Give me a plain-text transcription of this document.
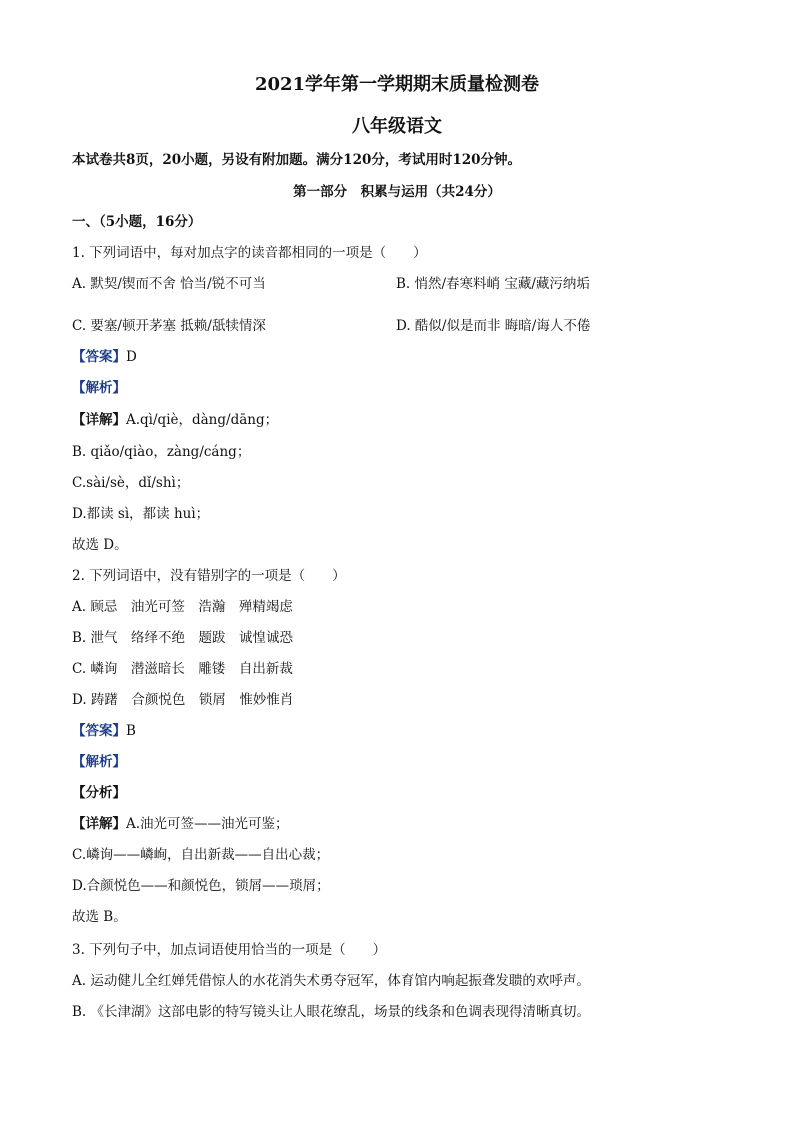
2021学年第一学期期末质量检测卷
八年级语文
本试卷共8页，20小题，另设有附加题。满分120分，考试用时120分钟。
第一部分　积累与运用（共24分）
一、（5小题，16分）
1. 下列词语中，每对加点字的读音都相同的一项是（　　）
A. 默契/锲而不舍 恰当/锐不可当	B. 悄然/春寒料峭 宝藏/藏污纳垢
C. 要塞/顿开茅塞 抵赖/舐犊情深	D. 酷似/似是而非 晦暗/诲人不倦
【答案】D
【解析】
【详解】A.qì/qiè，dàng/dāng；
B. qiǎo/qiào，zàng/cáng；
C.sài/sè，dǐ/shì；
D.都读 sì，都读 huì；
故选 D。
2. 下列词语中，没有错别字的一项是（　　）
A. 顾忌　油光可签　浩瀚　殚精竭虑
B. 泄气　络绎不绝　题跋　诚惶诚恐
C. 嶙询　潜滋暗长　雕镂　自出新裁
D. 踌躇　合颜悦色　锁屑　惟妙惟肖
【答案】B
【解析】
【分析】
【详解】A.油光可签——油光可鉴；
C.嶙询——嶙峋，自出新裁——自出心裁；
D.合颜悦色——和颜悦色，锁屑——琐屑；
故选 B。
3. 下列句子中，加点词语使用恰当的一项是（　　）
A. 运动健儿全红婵凭借惊人的水花消失术勇夺冠军，体育馆内响起振聋发聩的欢呼声。
B. 《长津湖》这部电影的特写镜头让人眼花缭乱，场景的线条和色调表现得清晰真切。
